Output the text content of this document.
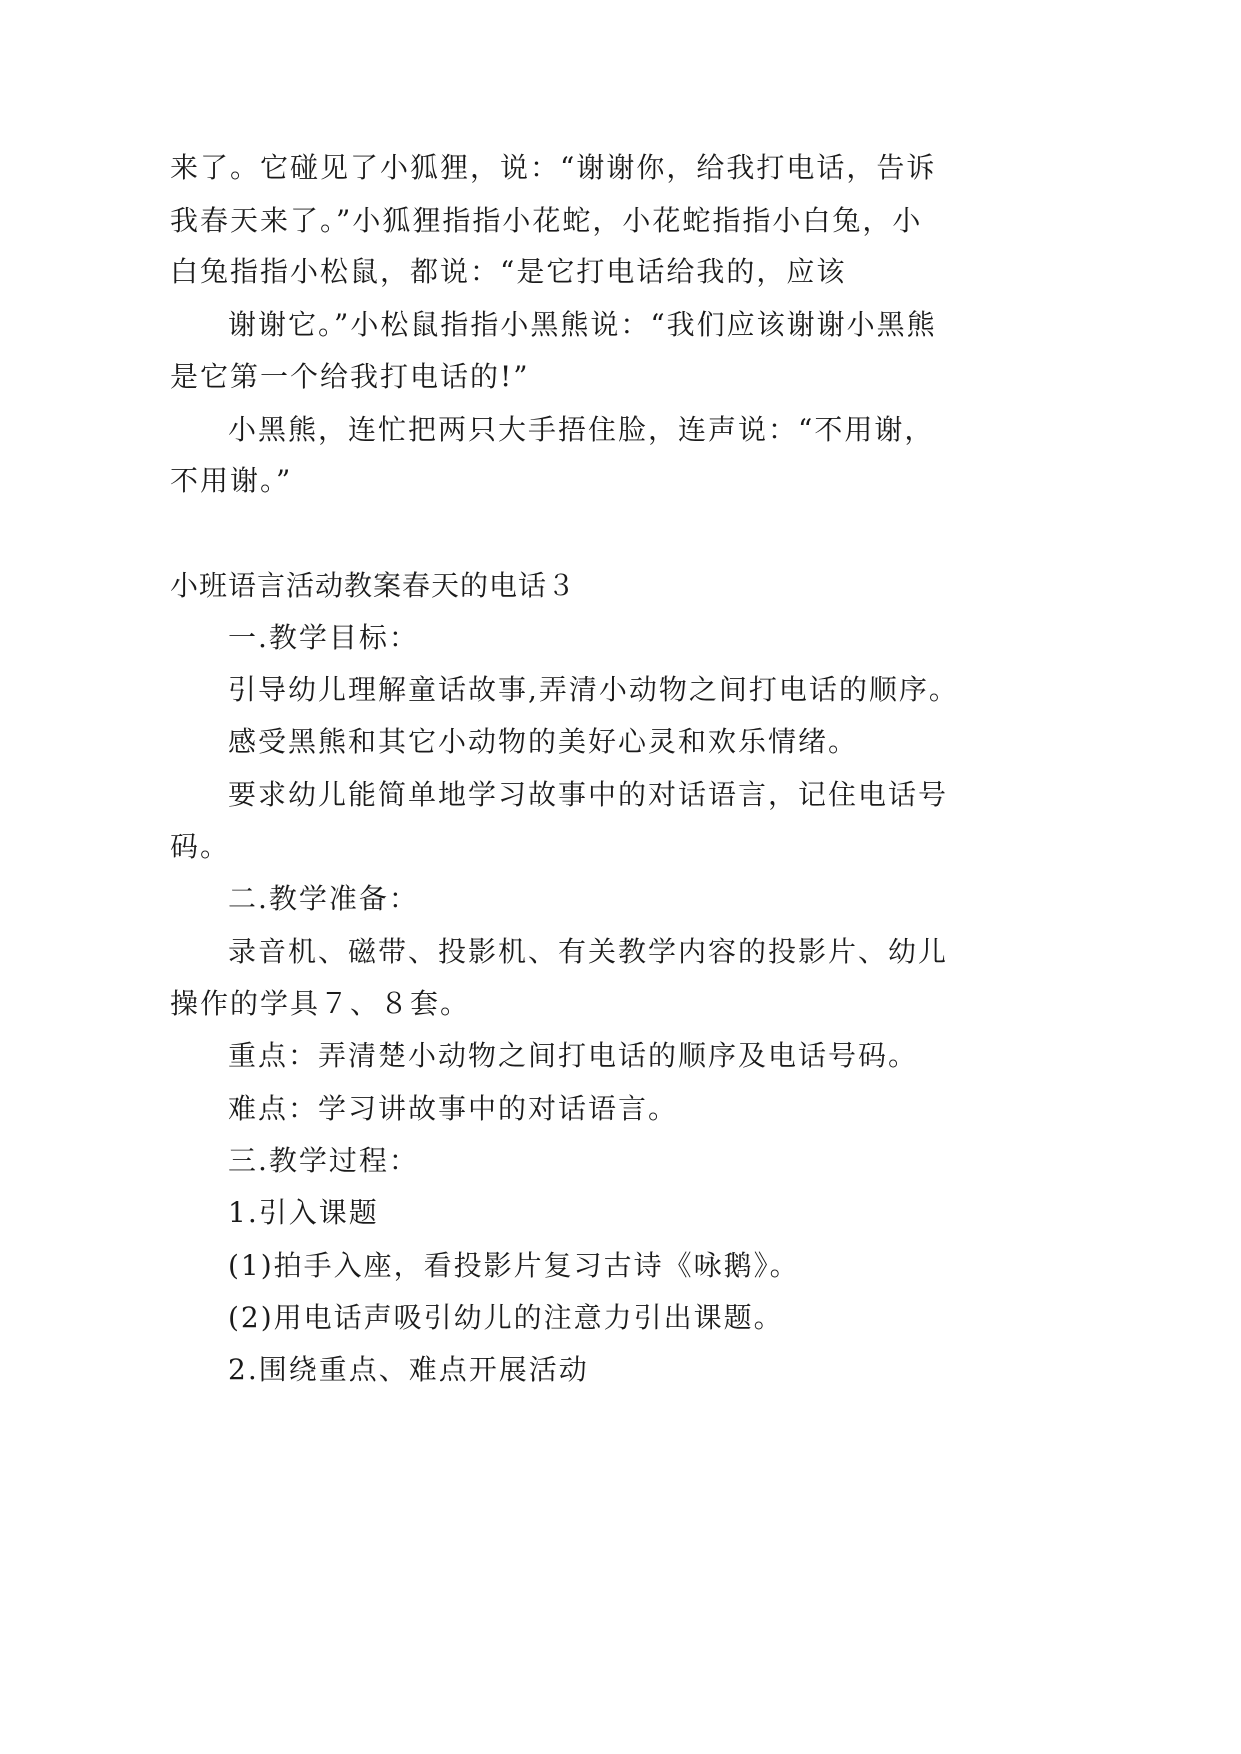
来了。它碰见了小狐狸，说：“谢谢你，给我打电话，告诉
我春天来了。”小狐狸指指小花蛇，小花蛇指指小白兔，小
白兔指指小松鼠，都说：“是它打电话给我的，应该
谢谢它。”小松鼠指指小黑熊说：“我们应该谢谢小黑熊
是它第一个给我打电话的!”
小黑熊，连忙把两只大手捂住脸，连声说：“不用谢，
不用谢。”
小班语言活动教案春天的电话３
一.教学目标：
引导幼儿理解童话故事,弄清小动物之间打电话的顺序。
感受黑熊和其它小动物的美好心灵和欢乐情绪。
要求幼儿能简单地学习故事中的对话语言，记住电话号
码。
二.教学准备：
录音机、磁带、投影机、有关教学内容的投影片、幼儿
操作的学具７、８套。
重点：弄清楚小动物之间打电话的顺序及电话号码。
难点：学习讲故事中的对话语言。
三.教学过程：
1.引入课题
(1)拍手入座，看投影片复习古诗《咏鹅》。
(2)用电话声吸引幼儿的注意力引出课题。
2.围绕重点、难点开展活动
